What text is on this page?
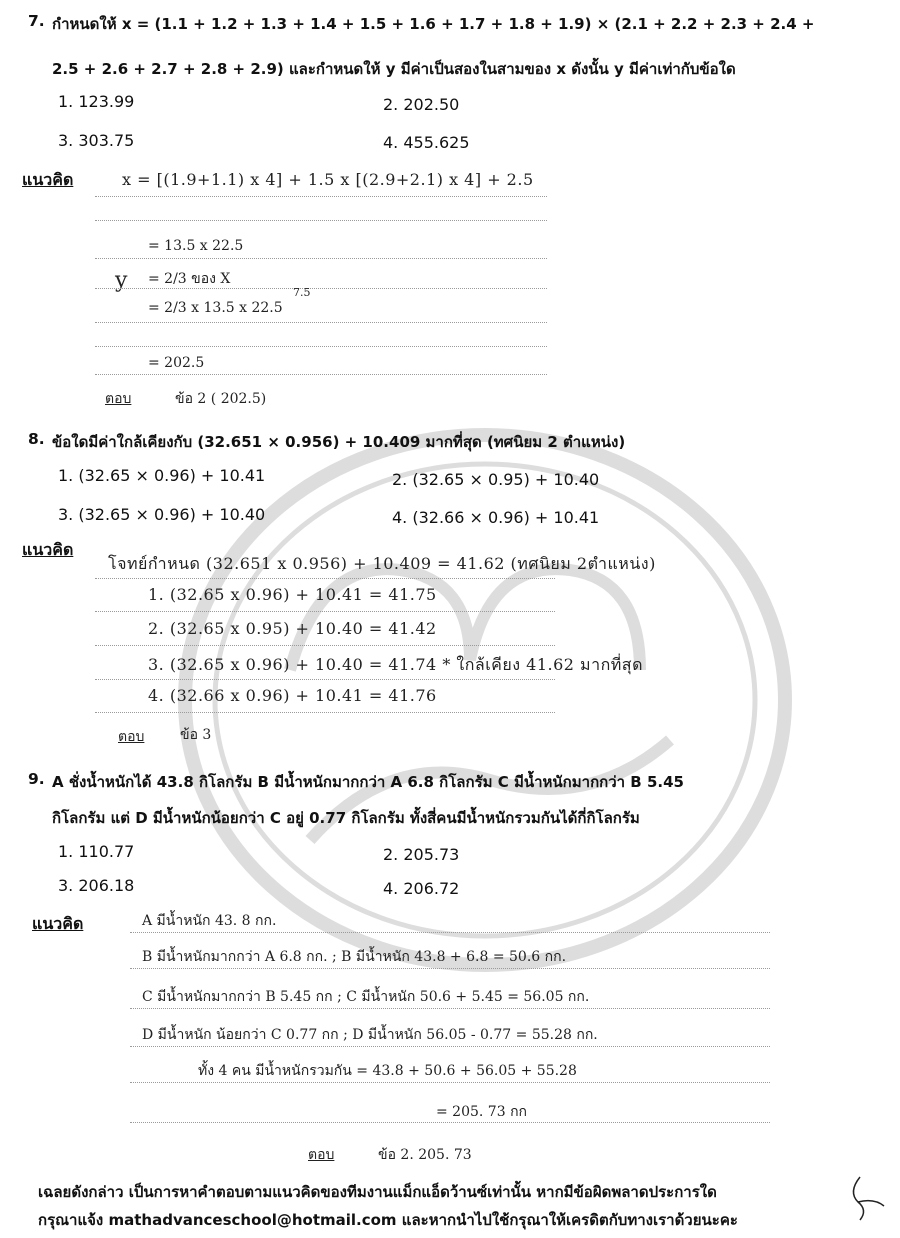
7. กำหนดให้ x = (1.1 + 1.2 + 1.3 + 1.4 + 1.5 + 1.6 + 1.7 + 1.8 + 1.9) × (2.1 + 2.2 + 2.3 + 2.4 +
2.5 + 2.6 + 2.7 + 2.8 + 2.9) และกำหนดให้ y มีค่าเป็นสองในสามของ x ดังนั้น y มีค่าเท่ากับข้อใด
1. 123.99	2. 202.50
3. 303.75	4. 455.625
แนวคิด	x = [(1.9+1.1) x 4] + 1.5 x [(2.9+2.1) x 4] + 2.5
= 13.5 x 22.5
y = 2/3 ของ X
7.5
= 2/3 x 13.5 x 22.5
= 202.5
ตอบ	ข้อ 2 ( 202.5)
8. ข้อใดมีค่าใกล้เคียงกับ (32.651 × 0.956) + 10.409 มากที่สุด (ทศนิยม 2 ตำแหน่ง)
1. (32.65 × 0.96) + 10.41	2. (32.65 × 0.95) + 10.40
3. (32.65 × 0.96) + 10.40	4. (32.66 × 0.96) + 10.41
แนวคิด
โจทย์กำหนด (32.651 x 0.956) + 10.409 = 41.62 (ทศนิยม 2ตำแหน่ง)
1. (32.65 x 0.96) + 10.41 = 41.75
2. (32.65 x 0.95) + 10.40 = 41.42
3. (32.65 x 0.96) + 10.40 = 41.74 * ใกล้เคียง 41.62 มากที่สุด
4. (32.66 x 0.96) + 10.41 = 41.76
ตอบ	ข้อ 3
9. A ชั่งน้ำหนักได้ 43.8 กิโลกรัม B มีน้ำหนักมากกว่า A 6.8 กิโลกรัม C มีน้ำหนักมากกว่า B 5.45
กิโลกรัม แต่ D มีน้ำหนักน้อยกว่า C อยู่ 0.77 กิโลกรัม ทั้งสี่คนมีน้ำหนักรวมกันได้กี่กิโลกรัม
1. 110.77	2. 205.73
3. 206.18	4. 206.72
แนวคิด	A มีน้ำหนัก 43. 8 กก.
B มีน้ำหนักมากกว่า A 6.8 กก. ; B มีน้ำหนัก 43.8 + 6.8 = 50.6 กก.
C มีน้ำหนักมากกว่า B 5.45 กก ; C มีน้ำหนัก 50.6 + 5.45 = 56.05 กก.
D มีน้ำหนัก น้อยกว่า C 0.77 กก ; D มีน้ำหนัก 56.05 - 0.77 = 55.28 กก.
ทั้ง 4 คน มีน้ำหนักรวมกัน = 43.8 + 50.6 + 56.05 + 55.28
= 205. 73 กก
ตอบ	ข้อ 2. 205. 73
เฉลยดังกล่าว เป็นการหาคำตอบตามแนวคิดของทีมงานแม็กแอ็ดว้านซ์เท่านั้น หากมีข้อผิดพลาดประการใด
กรุณาแจ้ง mathadvanceschool@hotmail.com และหากนำไปใช้กรุณาให้เครดิตกับทางเราด้วยนะคะ
